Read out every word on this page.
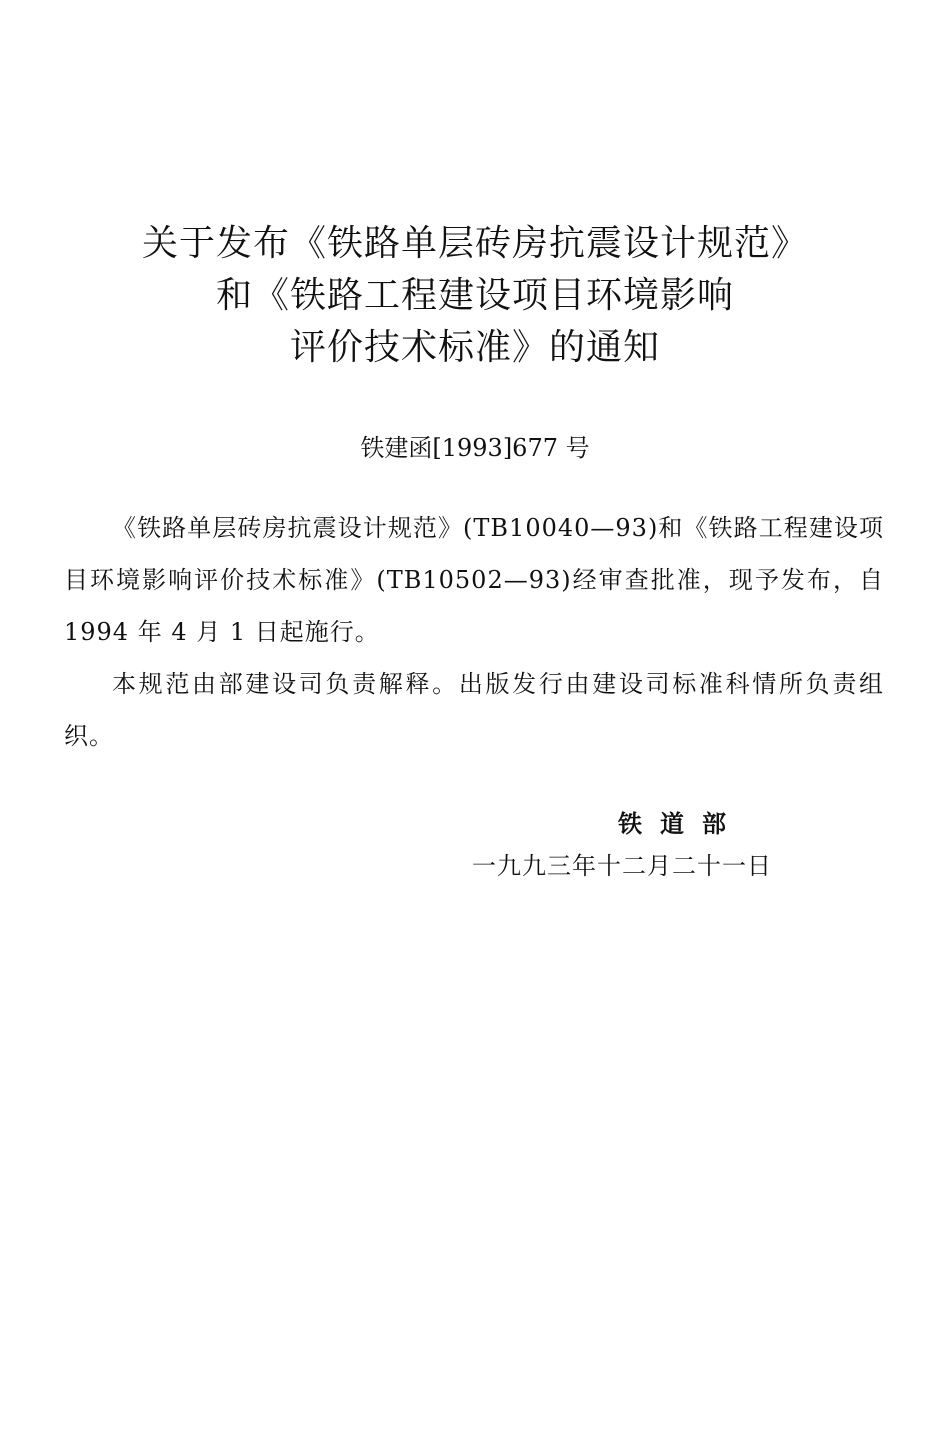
关于发布《铁路单层砖房抗震设计规范》
和《铁路工程建设项目环境影响
评价技术标准》的通知
铁建函[1993]677 号

《铁路单层砖房抗震设计规范》(TB10040—93)和《铁路工程建设项目环境影响评价技术标准》(TB10502—93)经审查批准，现予发布，自 1994 年 4 月 1 日起施行。

本规范由部建设司负责解释。出版发行由建设司标准科情所负责组织。

铁道部
一九九三年十二月二十一日
